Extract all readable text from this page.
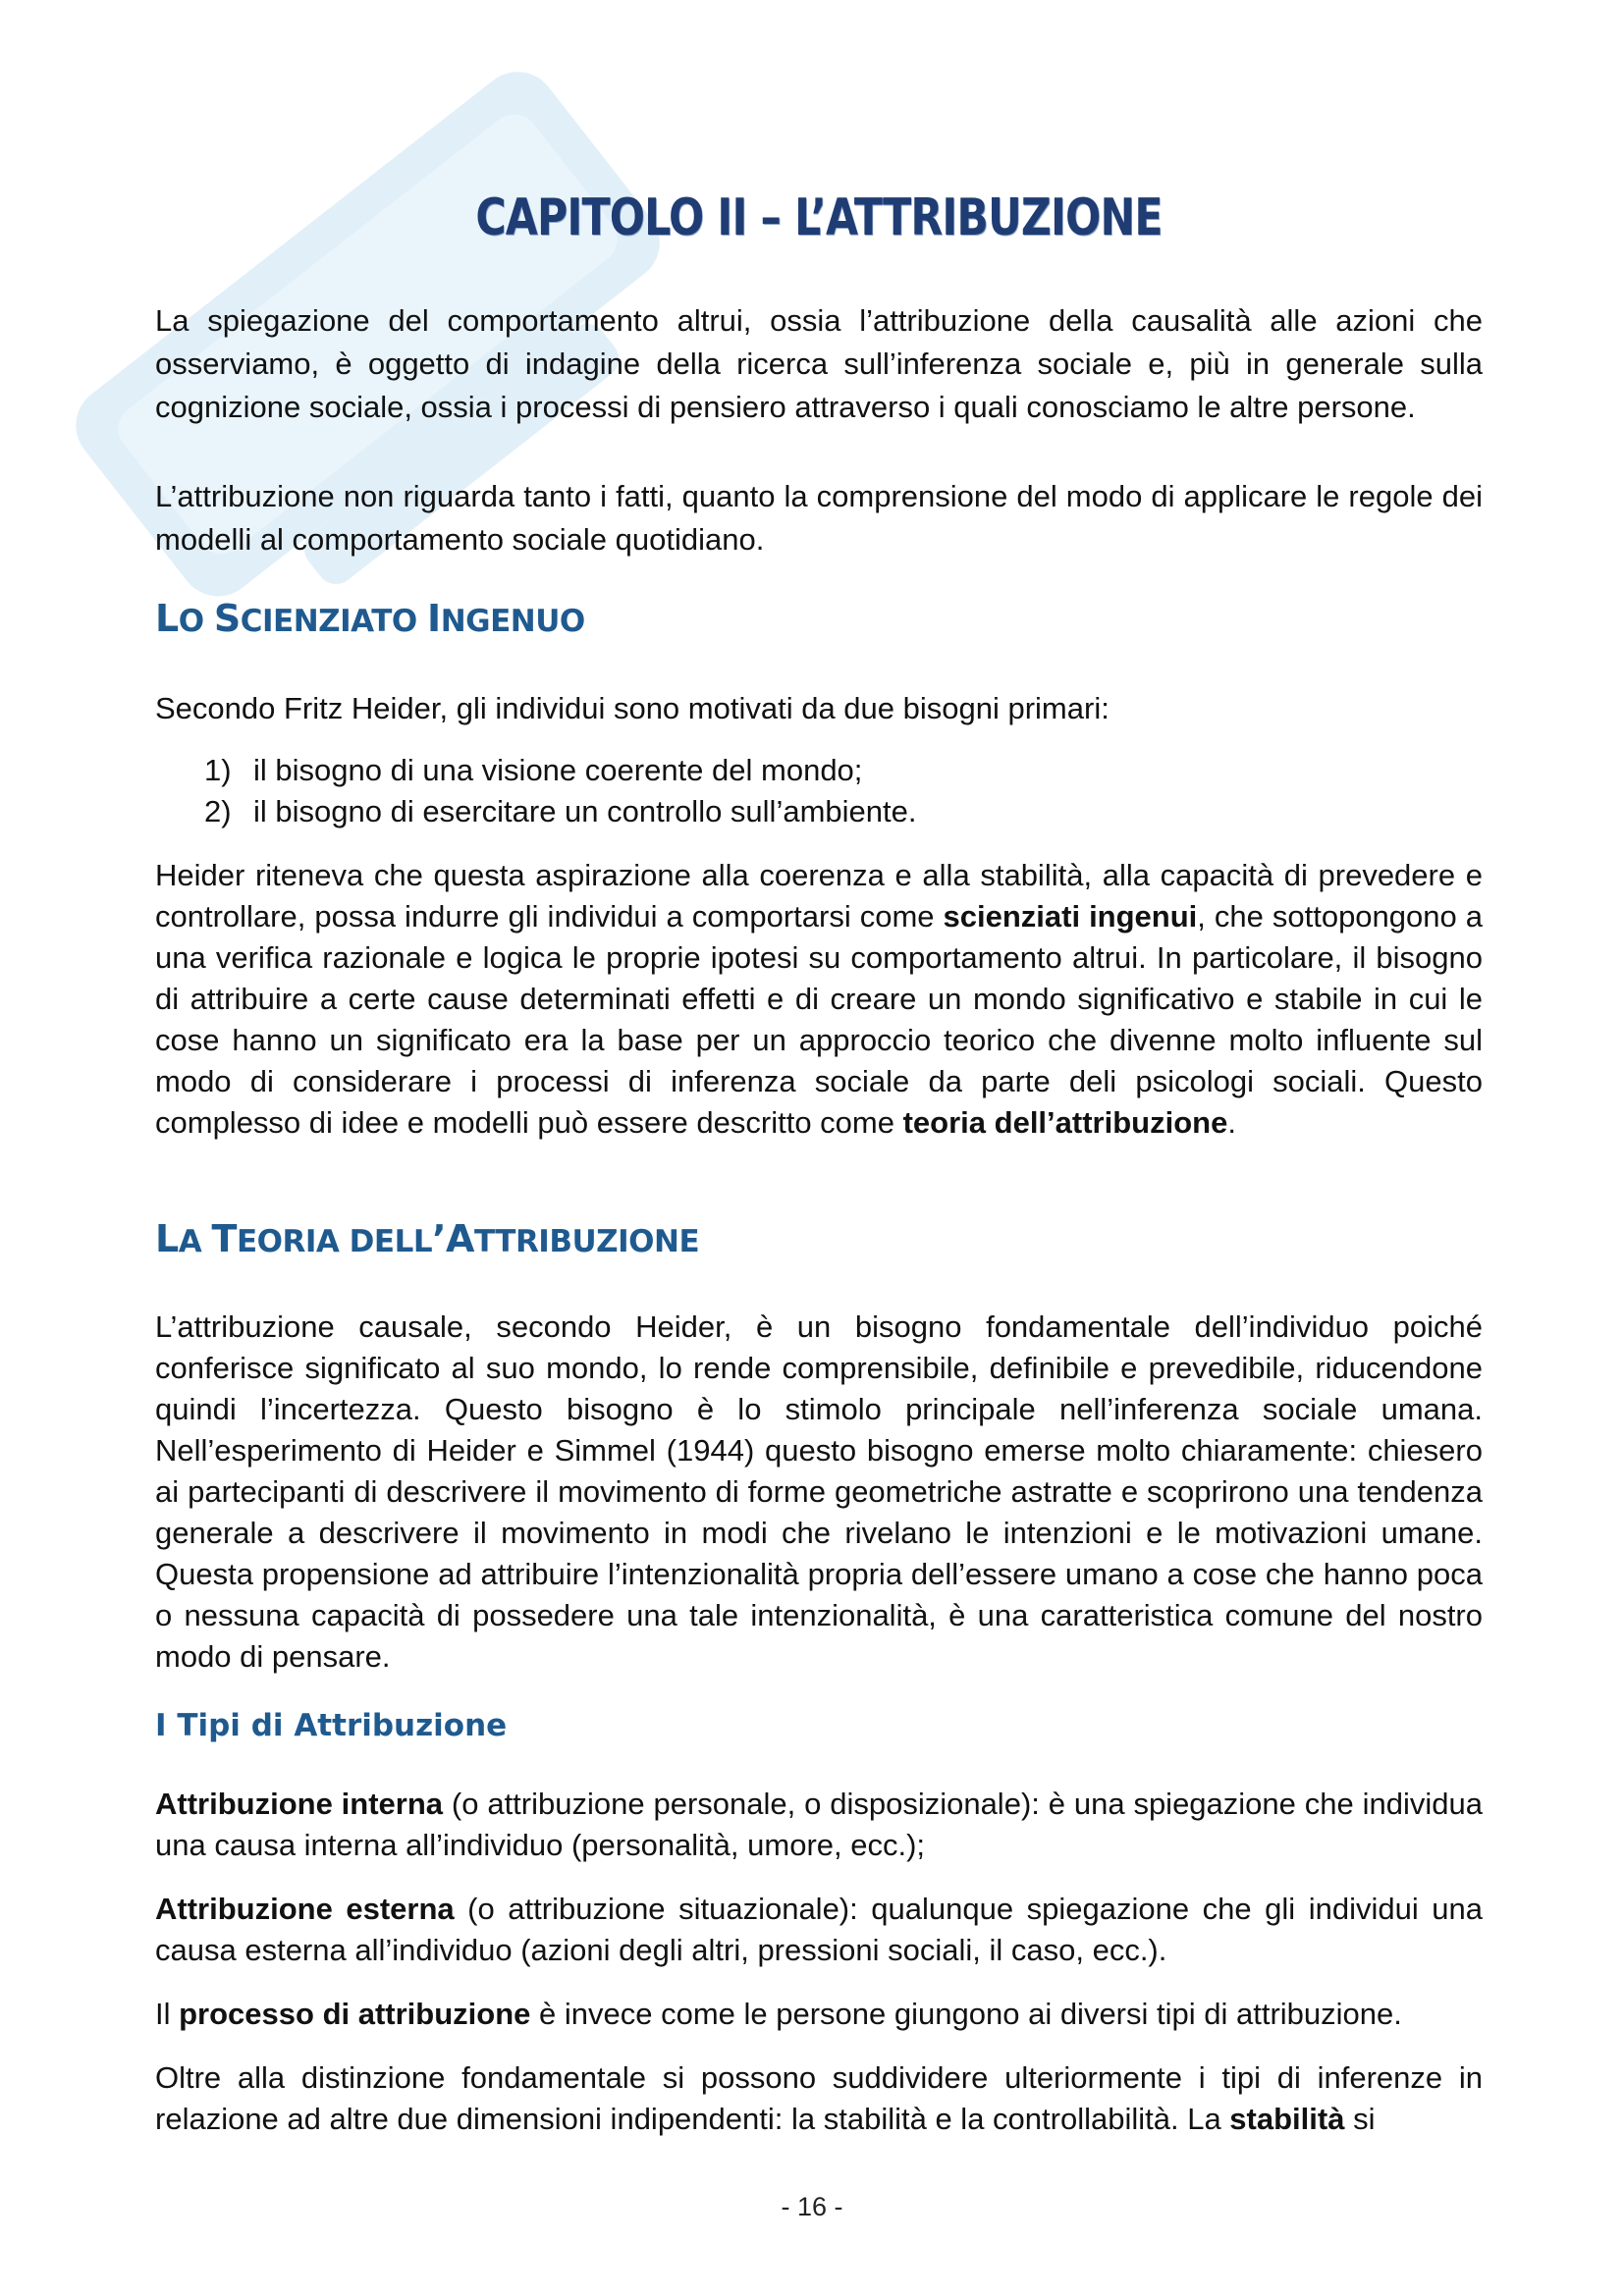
CAPITOLO II – L’ATTRIBUZIONE

La spiegazione del comportamento altrui, ossia l’attribuzione della causalità alle azioni che osserviamo, è oggetto di indagine della ricerca sull’inferenza sociale e, più in generale sulla cognizione sociale, ossia i processi di pensiero attraverso i quali conosciamo le altre persone.

L’attribuzione non riguarda tanto i fatti, quanto la comprensione del modo di applicare le regole dei modelli al comportamento sociale quotidiano.

LO SCIENZIATO INGENUO

Secondo Fritz Heider, gli individui sono motivati da due bisogni primari:

1) il bisogno di una visione coerente del mondo;
2) il bisogno di esercitare un controllo sull’ambiente.

Heider riteneva che questa aspirazione alla coerenza e alla stabilità, alla capacità di prevedere e controllare, possa indurre gli individui a comportarsi come scienziati ingenui, che sottopongono a una verifica razionale e logica le proprie ipotesi su comportamento altrui. In particolare, il bisogno di attribuire a certe cause determinati effetti e di creare un mondo significativo e stabile in cui le cose hanno un significato era la base per un approccio teorico che divenne molto influente sul modo di considerare i processi di inferenza sociale da parte deli psicologi sociali. Questo complesso di idee e modelli può essere descritto come teoria dell’attribuzione.

LA TEORIA DELL’ATTRIBUZIONE

L’attribuzione causale, secondo Heider, è un bisogno fondamentale dell’individuo poiché conferisce significato al suo mondo, lo rende comprensibile, definibile e prevedibile, riducendone quindi l’incertezza. Questo bisogno è lo stimolo principale nell’inferenza sociale umana. Nell’esperimento di Heider e Simmel (1944) questo bisogno emerse molto chiaramente: chiesero ai partecipanti di descrivere il movimento di forme geometriche astratte e scoprirono una tendenza generale a descrivere il movimento in modi che rivelano le intenzioni e le motivazioni umane. Questa propensione ad attribuire l’intenzionalità propria dell’essere umano a cose che hanno poca o nessuna capacità di possedere una tale intenzionalità, è una caratteristica comune del nostro modo di pensare.

I Tipi di Attribuzione

Attribuzione interna (o attribuzione personale, o disposizionale): è una spiegazione che individua una causa interna all’individuo (personalità, umore, ecc.);

Attribuzione esterna (o attribuzione situazionale): qualunque spiegazione che gli individui una causa esterna all’individuo (azioni degli altri, pressioni sociali, il caso, ecc.).

Il processo di attribuzione è invece come le persone giungono ai diversi tipi di attribuzione.

Oltre alla distinzione fondamentale si possono suddividere ulteriormente i tipi di inferenze in relazione ad altre due dimensioni indipendenti: la stabilità e la controllabilità. La stabilità si

- 16 -
